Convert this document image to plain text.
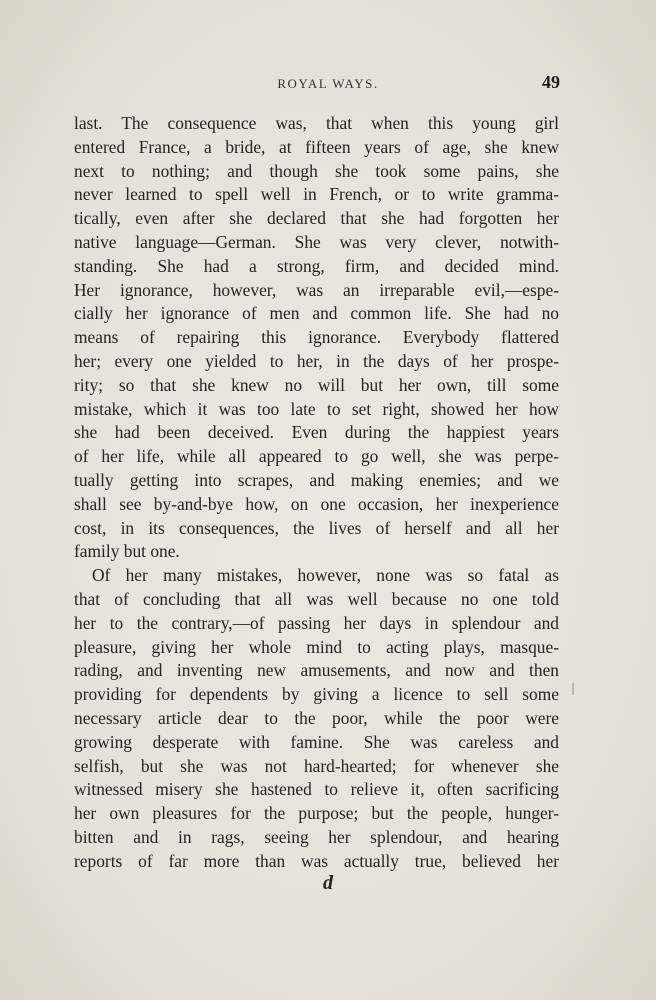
ROYAL WAYS.	49
last. The consequence was, that when this young girl
entered France, a bride, at fifteen years of age, she knew
next to nothing; and though she took some pains, she
never learned to spell well in French, or to write gramma-
tically, even after she declared that she had forgotten her
native language—German. She was very clever, notwith-
standing. She had a strong, firm, and decided mind.
Her ignorance, however, was an irreparable evil,—espe-
cially her ignorance of men and common life. She had no
means of repairing this ignorance. Everybody flattered
her; every one yielded to her, in the days of her prospe-
rity; so that she knew no will but her own, till some
mistake, which it was too late to set right, showed her how
she had been deceived. Even during the happiest years
of her life, while all appeared to go well, she was perpe-
tually getting into scrapes, and making enemies; and we
shall see by-and-bye how, on one occasion, her inexperience
cost, in its consequences, the lives of herself and all her
family but one.
Of her many mistakes, however, none was so fatal as
that of concluding that all was well because no one told
her to the contrary,—of passing her days in splendour and
pleasure, giving her whole mind to acting plays, masque-
rading, and inventing new amusements, and now and then
providing for dependents by giving a licence to sell some
necessary article dear to the poor, while the poor were
growing desperate with famine. She was careless and
selfish, but she was not hard-hearted; for whenever she
witnessed misery she hastened to relieve it, often sacrificing
her own pleasures for the purpose; but the people, hunger-
bitten and in rags, seeing her splendour, and hearing
reports of far more than was actually true, believed her
d
